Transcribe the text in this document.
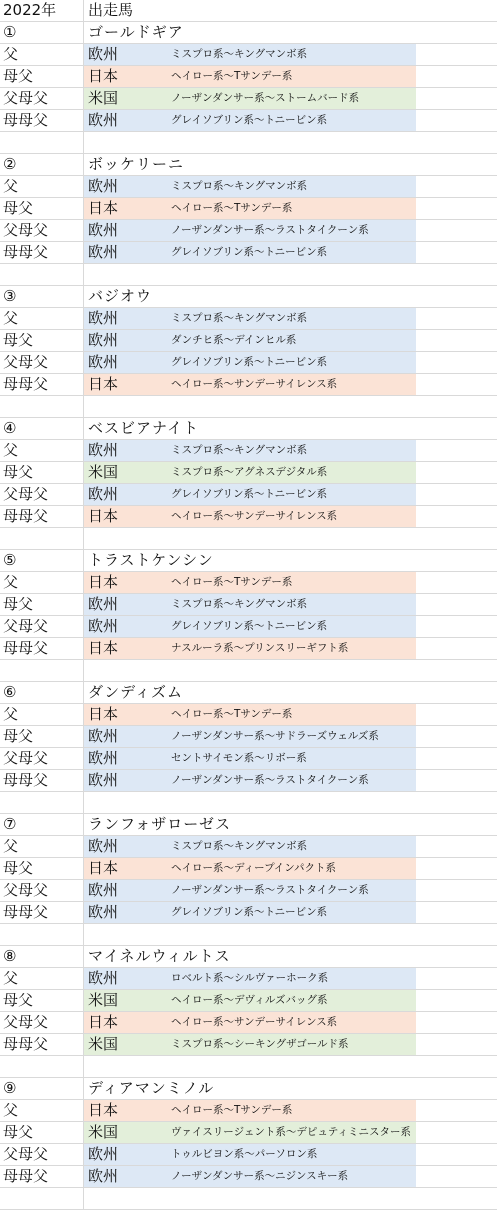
2022年	出走馬
①	ゴールドギア
父	欧州	ミスプロ系～キングマンボ系
母父	日本	ヘイロー系～Tサンデー系
父母父	米国	ノーザンダンサー系～ストームバード系
母母父	欧州	グレイソブリン系～トニービン系
②	ボッケリーニ
父	欧州	ミスプロ系～キングマンボ系
母父	日本	ヘイロー系～Tサンデー系
父母父	欧州	ノーザンダンサー系～ラストタイクーン系
母母父	欧州	グレイソブリン系～トニービン系
③	バジオウ
父	欧州	ミスプロ系～キングマンボ系
母父	欧州	ダンチヒ系～デインヒル系
父母父	欧州	グレイソブリン系～トニービン系
母母父	日本	ヘイロー系～サンデーサイレンス系
④	ベスビアナイト
父	欧州	ミスプロ系～キングマンボ系
母父	米国	ミスプロ系～アグネスデジタル系
父母父	欧州	グレイソブリン系～トニービン系
母母父	日本	ヘイロー系～サンデーサイレンス系
⑤	トラストケンシン
父	日本	ヘイロー系～Tサンデー系
母父	欧州	ミスプロ系～キングマンボ系
父母父	欧州	グレイソブリン系～トニービン系
母母父	日本	ナスルーラ系～プリンスリーギフト系
⑥	ダンディズム
父	日本	ヘイロー系～Tサンデー系
母父	欧州	ノーザンダンサー系～サドラーズウェルズ系
父母父	欧州	セントサイモン系～リボー系
母母父	欧州	ノーザンダンサー系～ラストタイクーン系
⑦	ランフォザローゼス
父	欧州	ミスプロ系～キングマンボ系
母父	日本	ヘイロー系～ディープインパクト系
父母父	欧州	ノーザンダンサー系～ラストタイクーン系
母母父	欧州	グレイソブリン系～トニービン系
⑧	マイネルウィルトス
父	欧州	ロベルト系～シルヴァーホーク系
母父	米国	ヘイロー系～デヴィルズバッグ系
父母父	日本	ヘイロー系～サンデーサイレンス系
母母父	米国	ミスプロ系～シーキングザゴールド系
⑨	ディアマンミノル
父	日本	ヘイロー系～Tサンデー系
母父	米国	ヴァイスリージェント系～デピュティミニスター系
父母父	欧州	トゥルビヨン系～パーソロン系
母母父	欧州	ノーザンダンサー系～ニジンスキー系
